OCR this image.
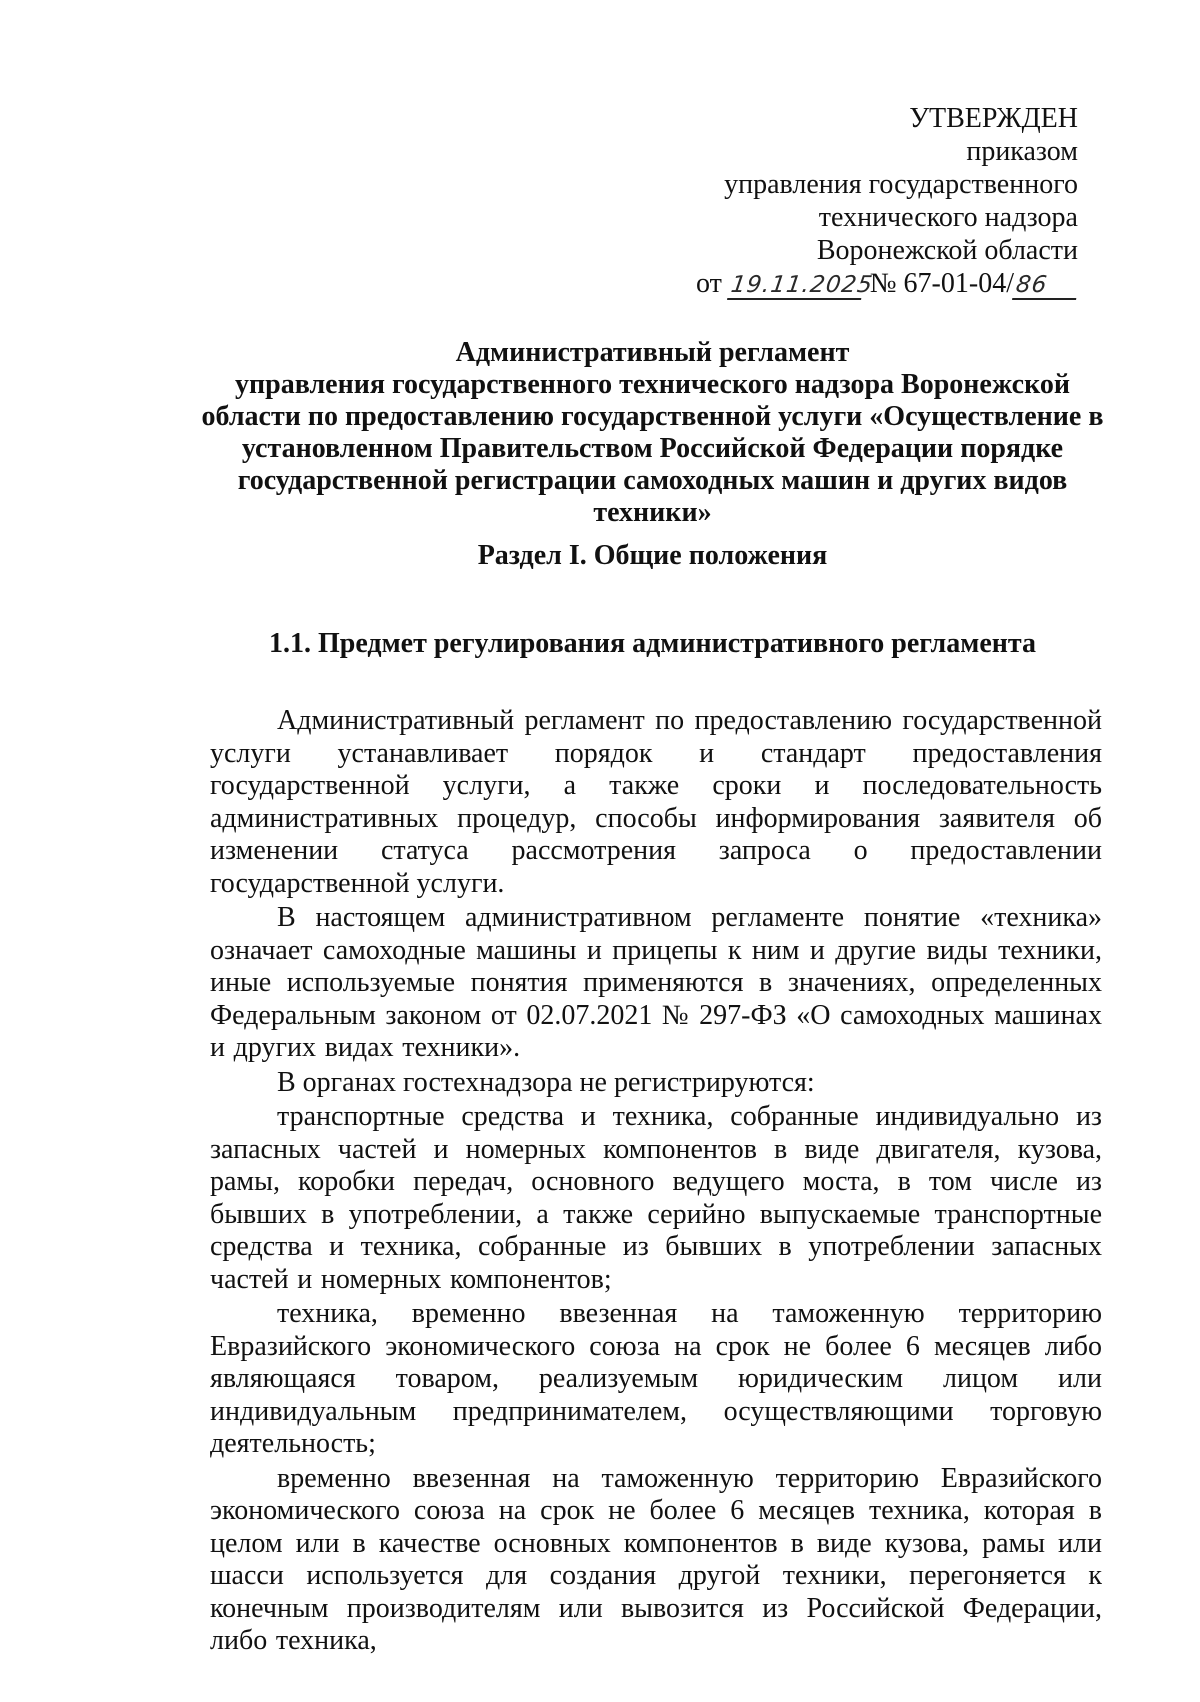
УТВЕРЖДЕН
приказом
управления государственного
технического надзора
Воронежской области
от 19.11.2025 № 67-01-04/86
Административный регламент
управления государственного технического надзора Воронежской
области по предоставлению государственной услуги «Осуществление в
установленном Правительством Российской Федерации порядке
государственной регистрации самоходных машин и других видов
техники»
Раздел I. Общие положения
1.1. Предмет регулирования административного регламента

Административный регламент по предоставлению государственной услуги устанавливает порядок и стандарт предоставления государственной услуги, а также сроки и последовательность административных процедур, способы информирования заявителя об изменении статуса рассмотрения запроса о предоставлении государственной услуги.

В настоящем административном регламенте понятие «техника» означает самоходные машины и прицепы к ним и другие виды техники, иные используемые понятия применяются в значениях, определенных Федеральным законом от 02.07.2021 № 297-ФЗ «О самоходных машинах и других видах техники».

В органах гостехнадзора не регистрируются:

транспортные средства и техника, собранные индивидуально из запасных частей и номерных компонентов в виде двигателя, кузова, рамы, коробки передач, основного ведущего моста, в том числе из бывших в употреблении, а также серийно выпускаемые транспортные средства и техника, собранные из бывших в употреблении запасных частей и номерных компонентов;

техника, временно ввезенная на таможенную территорию Евразийского экономического союза на срок не более 6 месяцев либо являющаяся товаром, реализуемым юридическим лицом или индивидуальным предпринимателем, осуществляющими торговую деятельность;

временно ввезенная на таможенную территорию Евразийского экономического союза на срок не более 6 месяцев техника, которая в целом или в качестве основных компонентов в виде кузова, рамы или шасси используется для создания другой техники, перегоняется к конечным производителям или вывозится из Российской Федерации, либо техника,
